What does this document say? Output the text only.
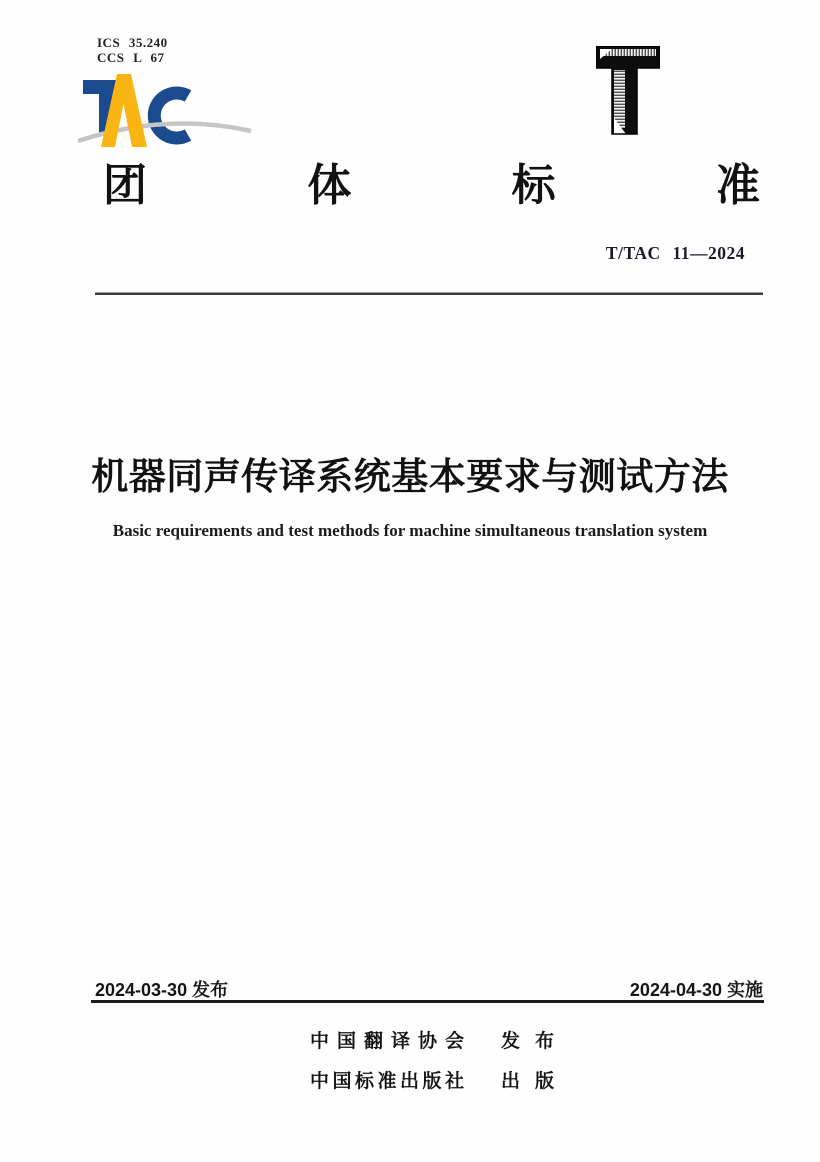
ICS 35.240
CCS L 67
团	体	标	准
T/TAC 11—2024
机器同声传译系统基本要求与测试方法
Basic requirements and test methods for machine simultaneous translation system
2024-03-30 发布	2024-04-30 实施
中国翻译协会 发 布
中国标准出版社 出 版
